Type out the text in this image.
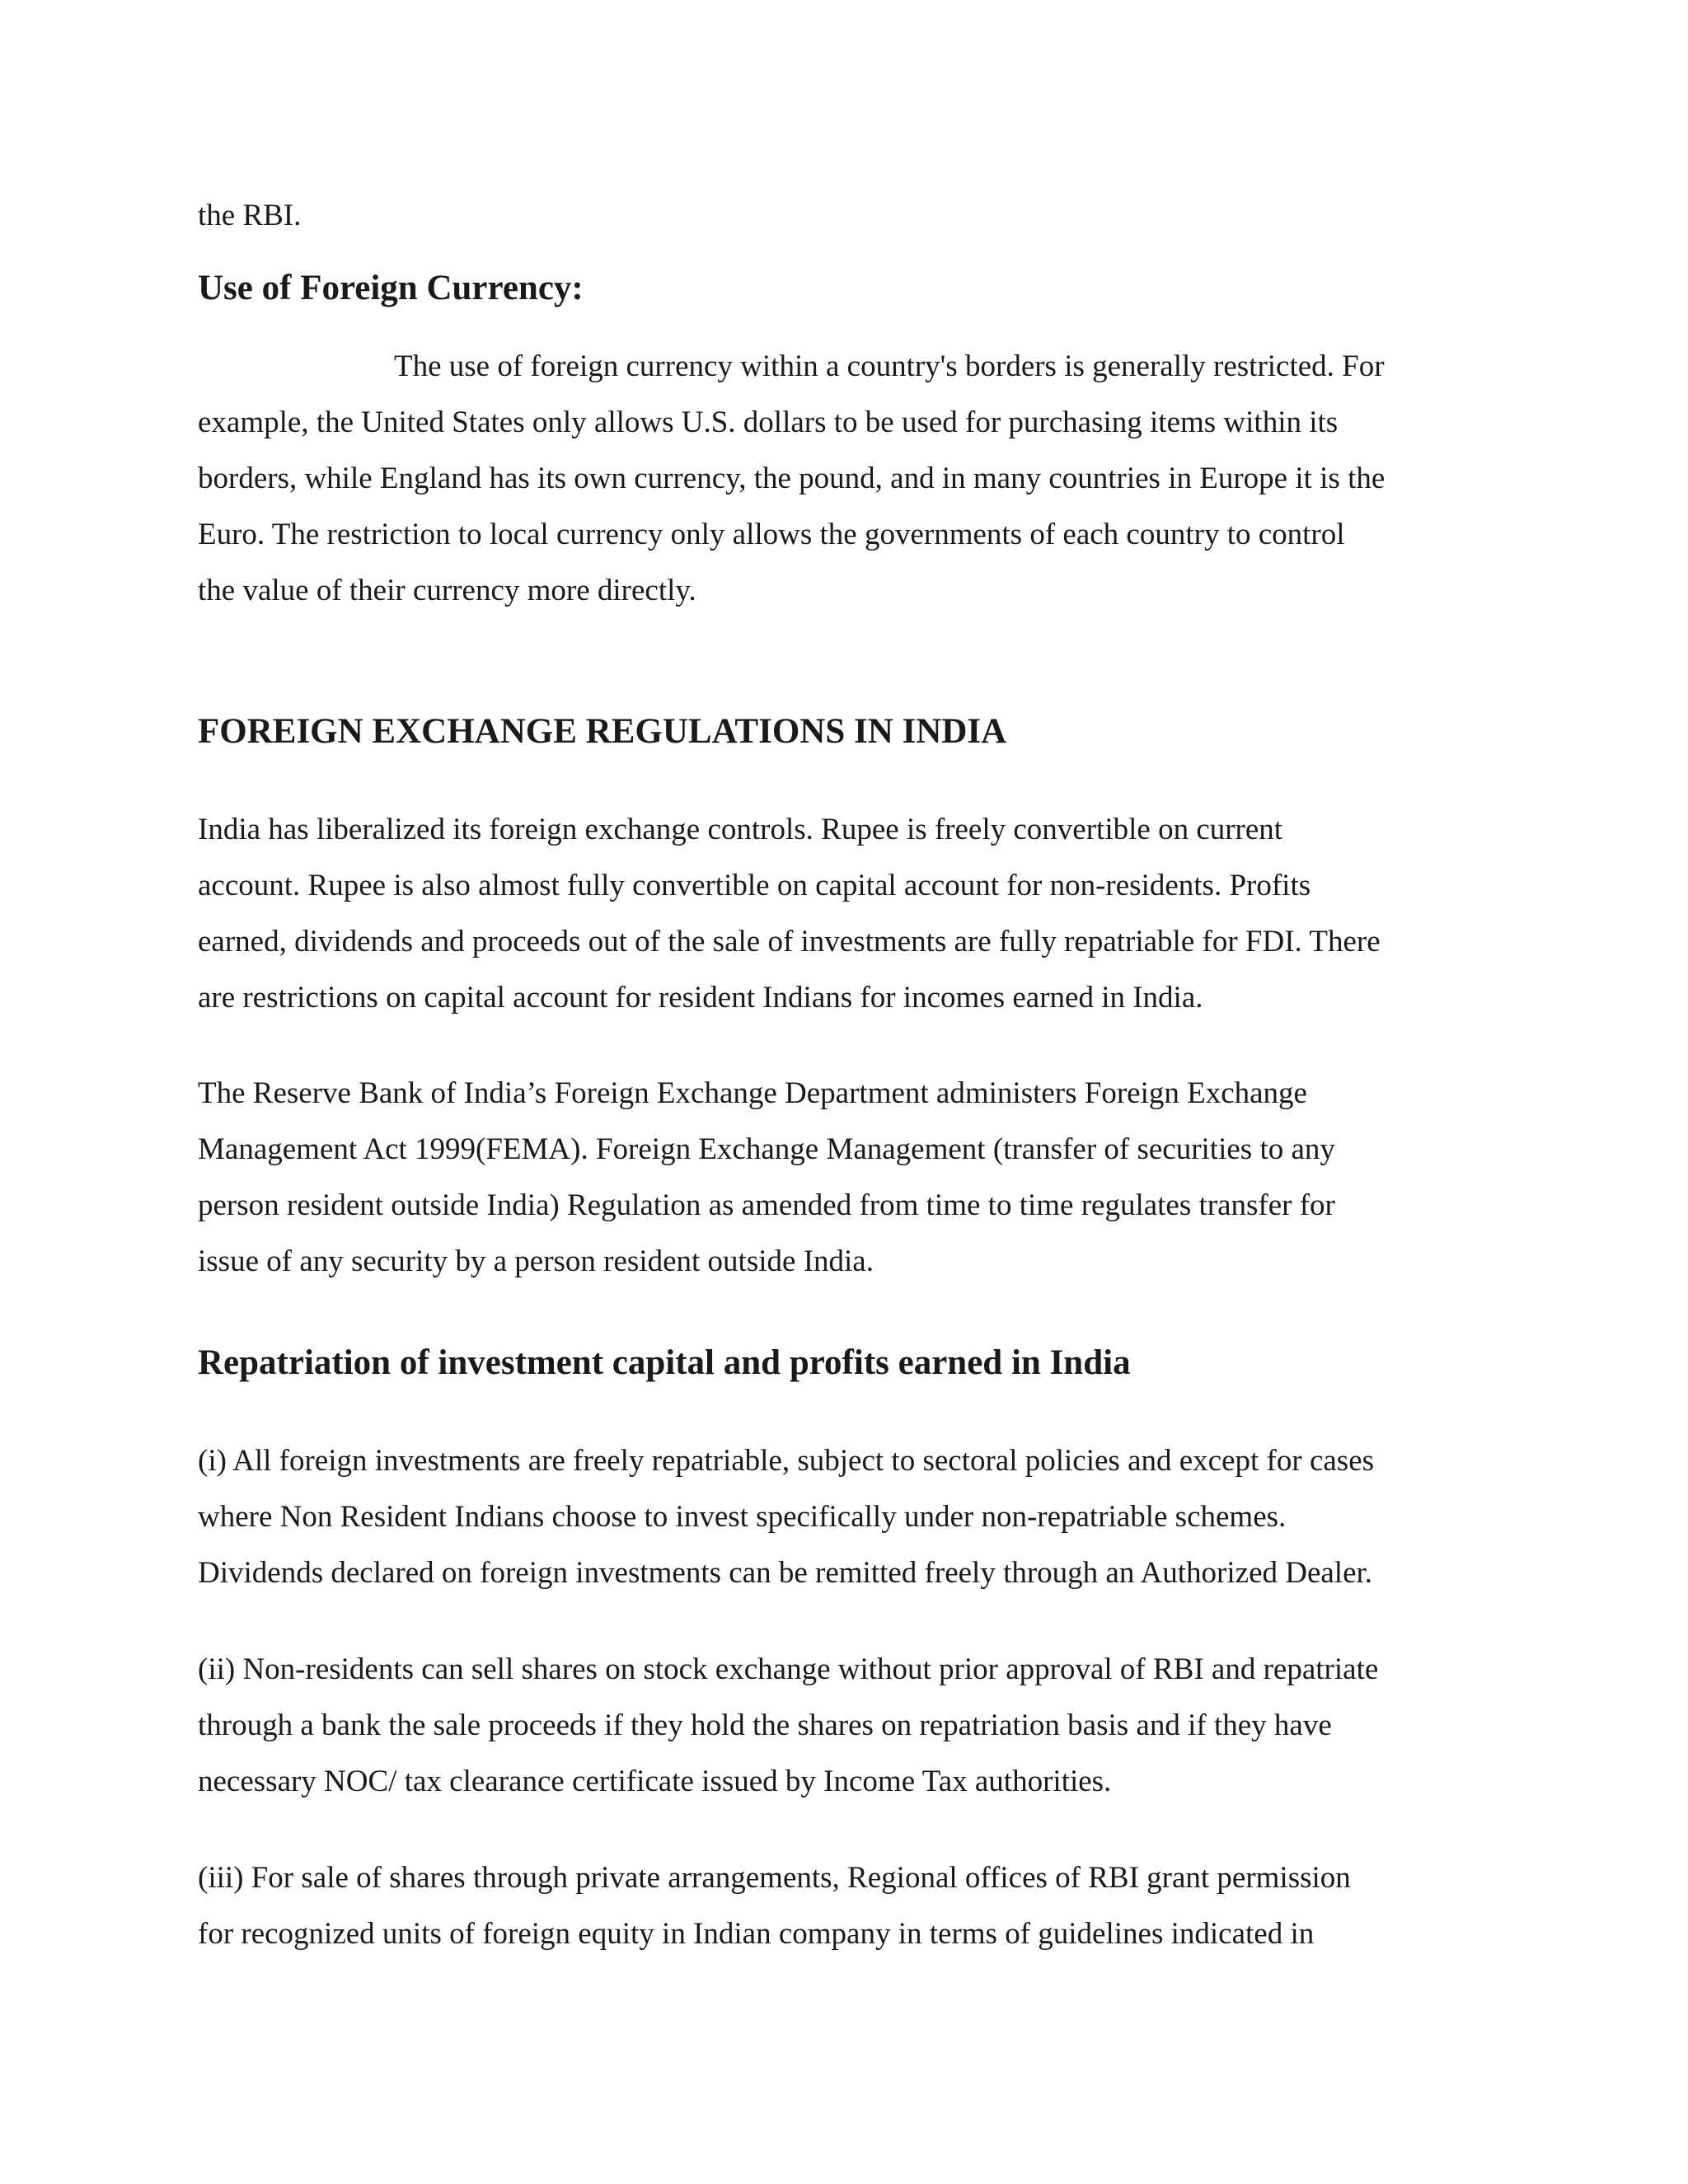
the RBI.
Use of Foreign Currency:
The use of foreign currency within a country's borders is generally restricted. For
example, the United States only allows U.S. dollars to be used for purchasing items within its
borders, while England has its own currency, the pound, and in many countries in Europe it is the
Euro. The restriction to local currency only allows the governments of each country to control
the value of their currency more directly.
FOREIGN EXCHANGE REGULATIONS IN INDIA
India has liberalized its foreign exchange controls. Rupee is freely convertible on current
account. Rupee is also almost fully convertible on capital account for non-residents. Profits
earned, dividends and proceeds out of the sale of investments are fully repatriable for FDI. There
are restrictions on capital account for resident Indians for incomes earned in India.
The Reserve Bank of India’s Foreign Exchange Department administers Foreign Exchange
Management Act 1999(FEMA). Foreign Exchange Management (transfer of securities to any
person resident outside India) Regulation as amended from time to time regulates transfer for
issue of any security by a person resident outside India.
Repatriation of investment capital and profits earned in India
(i) All foreign investments are freely repatriable, subject to sectoral policies and except for cases
where Non Resident Indians choose to invest specifically under non-repatriable schemes.
Dividends declared on foreign investments can be remitted freely through an Authorized Dealer.
(ii) Non-residents can sell shares on stock exchange without prior approval of RBI and repatriate
through a bank the sale proceeds if they hold the shares on repatriation basis and if they have
necessary NOC/ tax clearance certificate issued by Income Tax authorities.
(iii) For sale of shares through private arrangements, Regional offices of RBI grant permission
for recognized units of foreign equity in Indian company in terms of guidelines indicated in
